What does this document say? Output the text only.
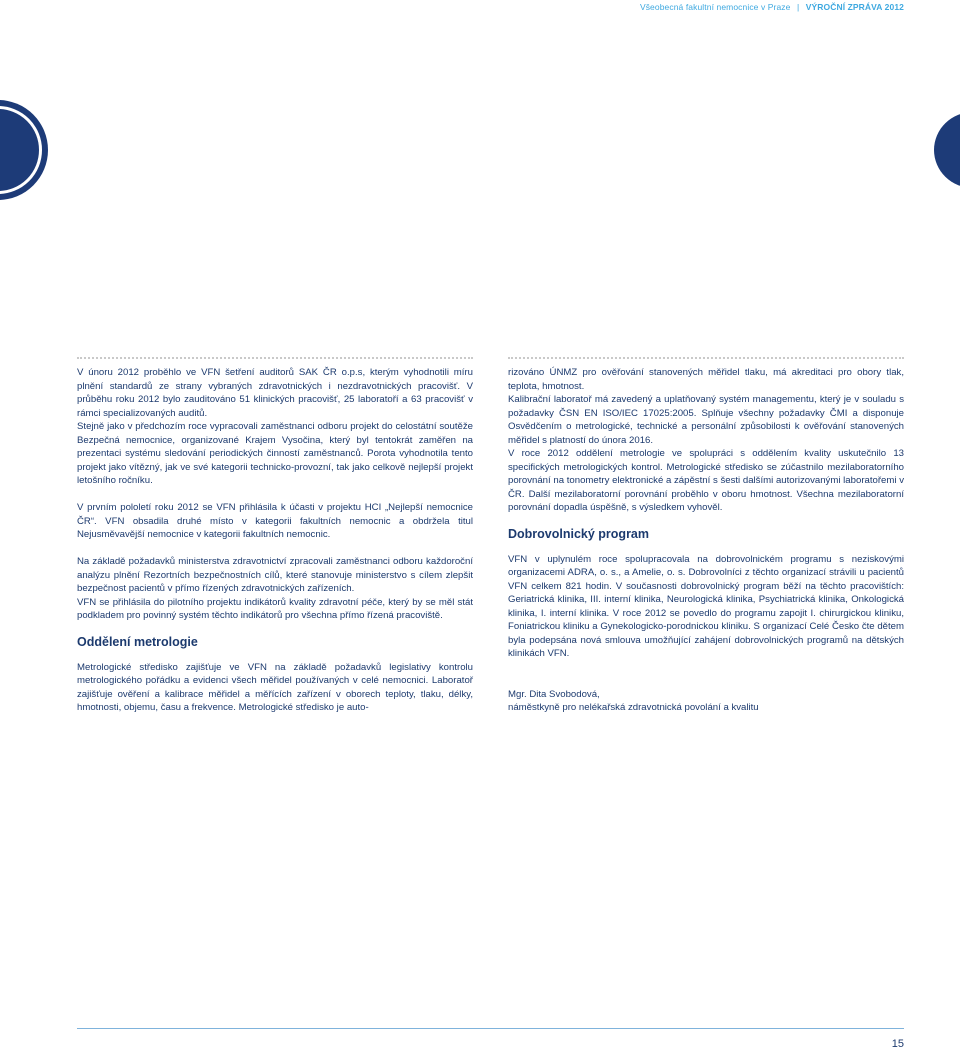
Všeobecná fakultní nemocnice v Praze | VÝROČNÍ ZPRÁVA 2012

V únoru 2012 proběhlo ve VFN šetření auditorů SAK ČR o.p.s, kterým vyhodnotili míru plnění standardů ze strany vybraných zdravotnických i nezdravotnických pracovišť. V průběhu roku 2012 bylo zauditováno 51 klinických pracovišť, 25 laboratoří a 63 pracovišť v rámci specializovaných auditů.

Stejně jako v předchozím roce vypracovali zaměstnanci odboru projekt do celostátní soutěže Bezpečná nemocnice, organizované Krajem Vysočina, který byl tentokrát zaměřen na prezentaci systému sledování periodických činností zaměstnanců. Porota vyhodnotila tento projekt jako vítězný, jak ve své kategorii technicko-provozní, tak jako celkově nejlepší projekt letošního ročníku.

V prvním pololetí roku 2012 se VFN přihlásila k účasti v projektu HCI „Nejlepší nemocnice ČR“. VFN obsadila druhé místo v kategorii fakultních nemocnic a obdržela titul Nejusměvavější nemocnice v kategorii fakultních nemocnic.

Na základě požadavků ministerstva zdravotnictví zpracovali zaměstnanci odboru každoroční analýzu plnění Rezortních bezpečnostních cílů, které stanovuje ministerstvo s cílem zlepšit bezpečnost pacientů v přímo řízených zdravotnických zařízeních.

VFN se přihlásila do pilotního projektu indikátorů kvality zdravotní péče, který by se měl stát podkladem pro povinný systém těchto indikátorů pro všechna přímo řízená pracoviště.

Oddělení metrologie

Metrologické středisko zajišťuje ve VFN na základě požadavků legislativy kontrolu metrologického pořádku a evidenci všech měřidel používaných v celé nemocnici. Laboratoř zajišťuje ověření a kalibrace měřidel a měřících zařízení v oborech teploty, tlaku, délky, hmotnosti, objemu, času a frekvence. Metrologické středisko je auto-

rizováno ÚNMZ pro ověřování stanovených měřidel tlaku, má akreditaci pro obory tlak, teplota, hmotnost.

Kalibrační laboratoř má zavedený a uplatňovaný systém managementu, který je v souladu s požadavky ČSN EN ISO/IEC 17025:2005. Splňuje všechny požadavky ČMI a disponuje Osvědčením o metrologické, technické a personální způsobilosti k ověřování stanovených měřidel s platností do února 2016.

V roce 2012 oddělení metrologie ve spolupráci s oddělením kvality uskutečnilo 13 specifických metrologických kontrol. Metrologické středisko se zúčastnilo mezilaboratorního porovnání na tonometry elektronické a zápěstní s šesti dalšími autorizovanými laboratořemi v ČR. Další mezilaboratorní porovnání proběhlo v oboru hmotnost. Všechna mezilaboratorní porovnání dopadla úspěšně, s výsledkem vyhověl.

Dobrovolnický program

VFN v uplynulém roce spolupracovala na dobrovolnickém programu s neziskovými organizacemi ADRA, o. s., a Amelie, o. s. Dobrovolníci z těchto organizací strávili u pacientů VFN celkem 821 hodin. V současnosti dobrovolnický program běží na těchto pracovištích: Geriatrická klinika, III. interní klinika, Neurologická klinika, Psychiatrická klinika, Onkologická klinika, I. interní klinika. V roce 2012 se povedlo do programu zapojit I. chirurgickou kliniku, Foniatrickou kliniku a Gynekologicko-porodnickou kliniku. S organizací Celé Česko čte dětem byla podepsána nová smlouva umožňující zahájení dobrovolnických programů na dětských klinikách VFN.

Mgr. Dita Svobodová,

náměstkyně pro nelékařská zdravotnická povolání a kvalitu

15
